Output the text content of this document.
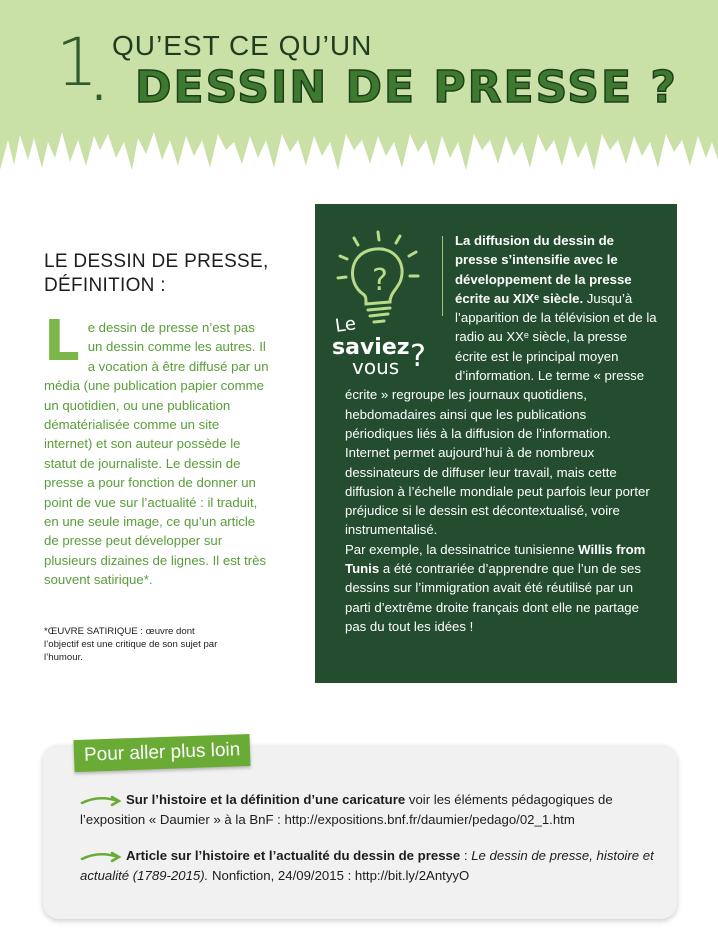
1
.
QU’EST CE QU’UN
DESSIN DE PRESSE ?
LE DESSIN DE PRESSE,
DÉFINITION :
Le dessin de presse n’est pas un dessin comme les autres. Il a vocation à être diffusé par un média (une publication papier comme un quotidien, ou une publication dématérialisée comme un site internet) et son auteur possède le statut de journaliste. Le dessin de presse a pour fonction de donner un point de vue sur l’actualité : il traduit, en une seule image, ce qu’un article de presse peut développer sur plusieurs dizaines de lignes. Il est très souvent satirique*.
*ŒUVRE SATIRIQUE : œuvre dont l’objectif est une critique de son sujet par l’humour.
?
Le
saviez
vous ?
La diffusion du dessin de presse s’intensifie avec le développement de la presse écrite au XIXᵉ siècle. Jusqu’à l’apparition de la télévision et de la radio au XXᵉ siècle, la presse écrite est le principal moyen d’information. Le terme « presse écrite » regroupe les journaux quotidiens, hebdomadaires ainsi que les publications périodiques liés à la diffusion de l’information. Internet permet aujourd’hui à de nombreux dessinateurs de diffuser leur travail, mais cette diffusion à l’échelle mondiale peut parfois leur porter préjudice si le dessin est décontextualisé, voire instrumentalisé.
Par exemple, la dessinatrice tunisienne Willis from Tunis a été contrariée d’apprendre que l’un de ses dessins sur l’immigration avait été réutilisé par un parti d’extrême droite français dont elle ne partage pas du tout les idées !
Pour aller plus loin
Sur l’histoire et la définition d’une caricature voir les éléments pédagogiques de l’exposition « Daumier » à la BnF : http://expositions.bnf.fr/daumier/pedago/02_1.htm
Article sur l’histoire et l’actualité du dessin de presse : Le dessin de presse, histoire et actualité (1789-2015). Nonfiction, 24/09/2015 : http://bit.ly/2AntyyO
